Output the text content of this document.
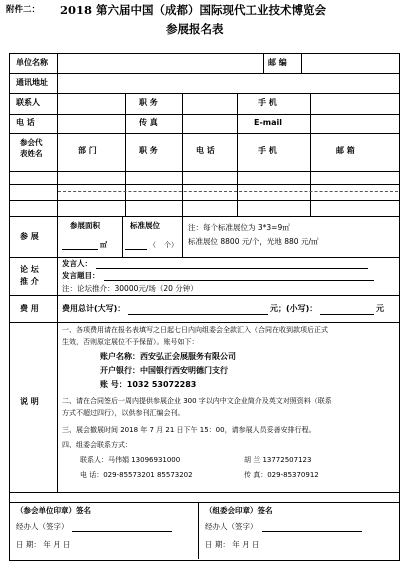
附件二： 2018 第六届中国（成都）国际现代工业技术博览会
参展报名表
单位名称	邮 编
通讯地址
联系人	职 务	手 机
电 话	传 真	E-mail
参会代
表姓名	部 门	职 务	电 话	手 机	邮 箱
参 展
参展面积	标准展位
㎡	（ 个）
注：每个标准展位为 3*3=9㎡
标准展位 8800 元/个，光地 880 元/㎡
论 坛
推 介
发言人：
发言题目：
注：论坛推介：30000元/场（20 分钟）
费 用	费用总计(大写)：	元；(小写)：	元
说 明
一、各项费用请在报名表填写之日起七日内向组委会全款汇入（合同在收到款项后正式
生效，否则原定展位不予保留）。账号如下：
账户名称：西安弘正会展服务有限公司
开户银行：中国银行西安明德门支行
账 号：1032 53072283
二、请在合同签后一周内提供参展企业 300 字以内中文企业简介及英文对照资料（联系
方式不超过四行），以供参刊汇编会刊。
三、展会撤展时间 2018 年 7 月 21 日下午 15：00，请参展人员妥善安排行程。
四、组委会联系方式：
联系人：马伟娟 13096931000	胡 兰 13772507123
电 话：029-85573201 85573202	传 真：029-85370912
（参会单位印章）签名
经办人（签字）
日 期： 年 月 日
（组委会印章）签名
经办人（签字）
日 期： 年 月 日
